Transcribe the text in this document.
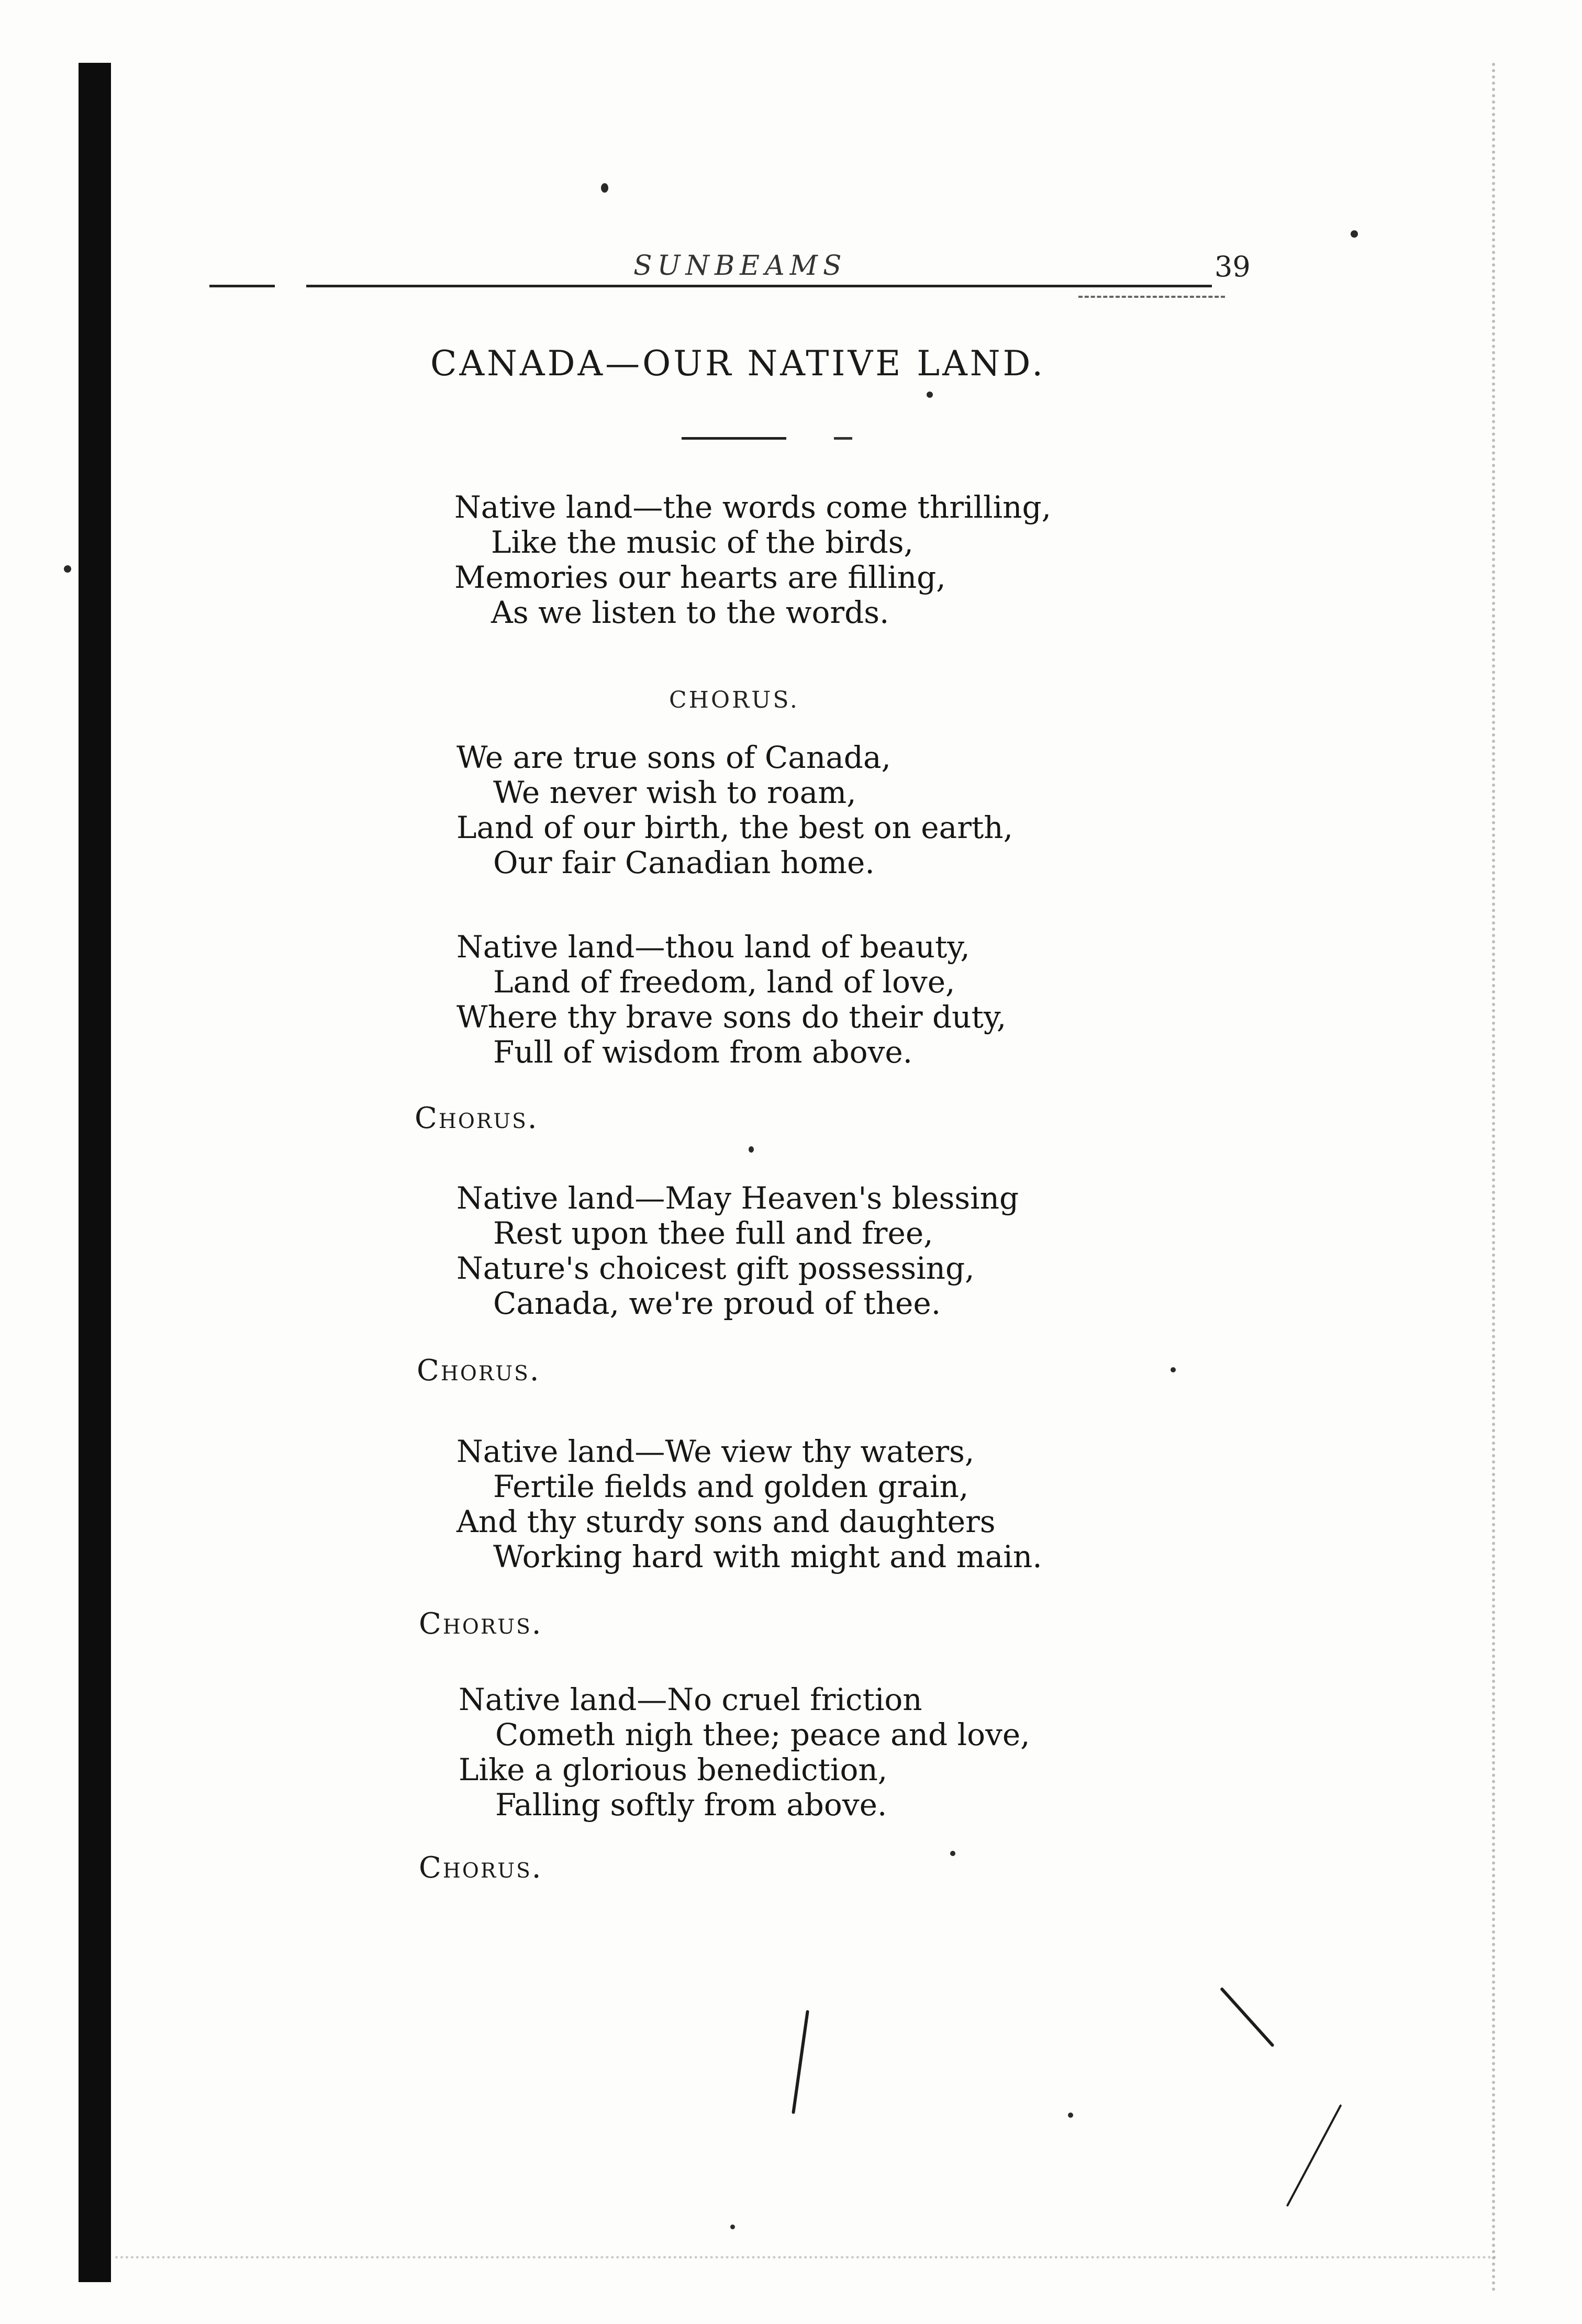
SUNBEAMS	39
CANADA—OUR NATIVE LAND.
Native land—the words come thrilling,
Like the music of the birds,
Memories our hearts are filling,
As we listen to the words.
CHORUS.
We are true sons of Canada,
We never wish to roam,
Land of our birth, the best on earth,
Our fair Canadian home.
Native land—thou land of beauty,
Land of freedom, land of love,
Where thy brave sons do their duty,
Full of wisdom from above.
Chorus.
Native land—May Heaven's blessing
Rest upon thee full and free,
Nature's choicest gift possessing,
Canada, we're proud of thee.
Chorus.
Native land—We view thy waters,
Fertile fields and golden grain,
And thy sturdy sons and daughters
Working hard with might and main.
Chorus.
Native land—No cruel friction
Cometh nigh thee; peace and love,
Like a glorious benediction,
Falling softly from above.
Chorus.
